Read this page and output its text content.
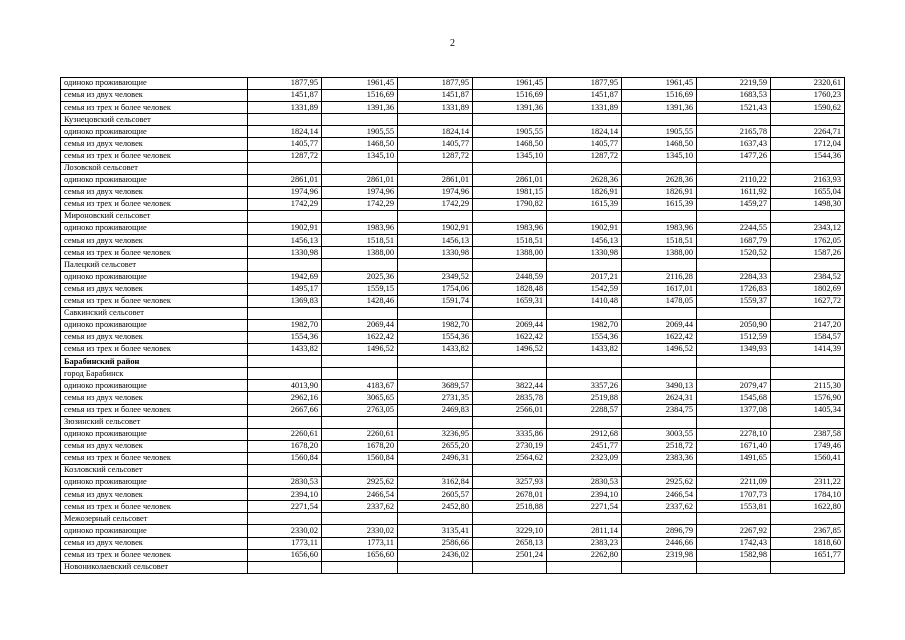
2
одиноко проживающие	1877,95	1961,45	1877,95	1961,45	1877,95	1961,45	2219,59	2320,61
семья из двух человек	1451,87	1516,69	1451,87	1516,69	1451,87	1516,69	1683,53	1760,23
семья из трех и более человек	1331,89	1391,36	1331,89	1391,36	1331,89	1391,36	1521,43	1590,62
Кузнецовский сельсовет								
одиноко проживающие	1824,14	1905,55	1824,14	1905,55	1824,14	1905,55	2165,78	2264,71
семья из двух человек	1405,77	1468,50	1405,77	1468,50	1405,77	1468,50	1637,43	1712,04
семья из трех и более человек	1287,72	1345,10	1287,72	1345,10	1287,72	1345,10	1477,26	1544,36
Лозовской сельсовет								
одиноко проживающие	2861,01	2861,01	2861,01	2861,01	2628,36	2628,36	2110,22	2163,93
семья из двух человек	1974,96	1974,96	1974,96	1981,15	1826,91	1826,91	1611,92	1655,04
семья из трех и более человек	1742,29	1742,29	1742,29	1790,82	1615,39	1615,39	1459,27	1498,30
Мироновский сельсовет								
одиноко проживающие	1902,91	1983,96	1902,91	1983,96	1902,91	1983,96	2244,55	2343,12
семья из двух человек	1456,13	1518,51	1456,13	1518,51	1456,13	1518,51	1687,79	1762,05
семья из трех и более человек	1330,98	1388,00	1330,98	1388,00	1330,98	1388,00	1520,52	1587,26
Палецкий сельсовет								
одиноко проживающие	1942,69	2025,36	2349,52	2448,59	2017,21	2116,28	2284,33	2384,52
семья из двух человек	1495,17	1559,15	1754,06	1828,48	1542,59	1617,01	1726,83	1802,69
семья из трех и более человек	1369,83	1428,46	1591,74	1659,31	1410,48	1478,05	1559,37	1627,72
Савкинский сельсовет								
одиноко проживающие	1982,70	2069,44	1982,70	2069,44	1982,70	2069,44	2050,90	2147,20
семья из двух человек	1554,36	1622,42	1554,36	1622,42	1554,36	1622,42	1512,59	1584,57
семья из трех и более человек	1433,82	1496,52	1433,82	1496,52	1433,82	1496,52	1349,93	1414,39
Барабинский район								
город Барабинск								
одиноко проживающие	4013,90	4183,67	3689,57	3822,44	3357,26	3490,13	2079,47	2115,30
семья из двух человек	2962,16	3065,65	2731,35	2835,78	2519,88	2624,31	1545,68	1576,90
семья из трех и более человек	2667,66	2763,05	2469,83	2566,01	2288,57	2384,75	1377,08	1405,34
Зюзинский сельсовет								
одиноко проживающие	2260,61	2260,61	3236,95	3335,86	2912,68	3003,55	2278,10	2387,58
семья из двух человек	1678,20	1678,20	2655,20	2730,19	2451,77	2518,72	1671,40	1749,46
семья из трех и более человек	1560,84	1560,84	2496,31	2564,62	2323,09	2383,36	1491,65	1560,41
Козловский сельсовет								
одиноко проживающие	2830,53	2925,62	3162,84	3257,93	2830,53	2925,62	2211,09	2311,22
семья из двух человек	2394,10	2466,54	2605,57	2678,01	2394,10	2466,54	1707,73	1784,10
семья из трех и более человек	2271,54	2337,62	2452,80	2518,88	2271,54	2337,62	1553,81	1622,80
Межозерный сельсовет								
одиноко проживающие	2330,02	2330,02	3135,41	3229,10	2811,14	2896,79	2267,92	2367,85
семья из двух человек	1773,11	1773,11	2586,66	2658,13	2383,23	2446,66	1742,43	1818,60
семья из трех и более человек	1656,60	1656,60	2436,02	2501,24	2262,80	2319,98	1582,98	1651,77
Новониколаевский сельсовет								
